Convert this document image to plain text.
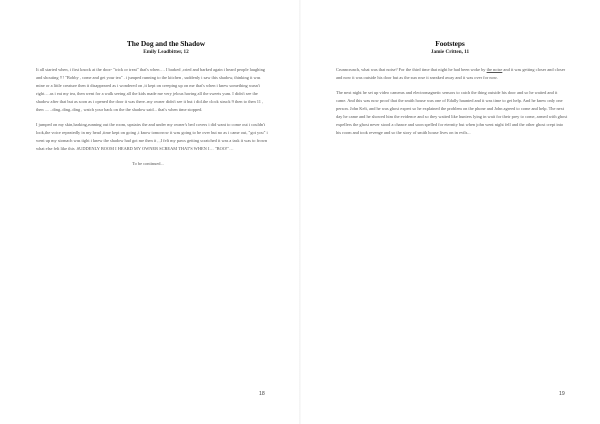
The Dog and the Shadow
Emily Leadbitter, 12

It all started when, i first knock at the door- "trick or treat" that's when…. I barked ,cried and barked again i heard people laughing and shouting !!! "Bobby , come and get your tea" . i jumped running to the kitchen , suddenly i saw this shadow, thinking it was mine or a little creature then it disappeared as i wondered on ,it kept on creeping up on me that's when i knew something wasn't right….as i eat my tea, then went for a walk seeing all the kids made me very jelous having all the sweets yum. I didn't see the shadow after that but as soon as i opened the door it was there..my owner didn't see it but i did.the clock struck 9 then to then 11 , then ...…ding..ding..ding , watch your back on the the shadow said... that's when time stopped.

I jumped on my skin,barking,running out the room, upstairs the and under my owner's bed covers i did want to come out i couldn't look,the voice repeatedly in my head ,time kept on going ,i know tomorrow it was going to be over but no as i came out, "got you" i went up my stomach was tight i knew the shadow had got me then it , ,I felt my paws getting scratched it was a task it was to frown what else felt like this .SUDDENLY BOOM I HEARD MY OWNER SCREAM THAT'S WHEN I… "BOO!"…

To be continued...

18
Footsteps
Jamie Critten, 11

Crunncrunch, what was that noise? For the third time that night he had been woke by the noise and it was getting closer and closer and now it was outside his door but as the sun rose it sneaked away and it was over for now.

The next night he set up video cameras and electromagnetic sensors to catch the thing outside his door and so he waited and it came. And this was now proof that the smith house was one of Edally haunted and it was time to get help. And he knew only one person. John Kelt, and he was ghost expert so he explained the problem on the phone and John agreed to come and help. The next day he came and he showed him the evidence and so they waited like hunters lying in wait for their prey to come, armed with ghost expellers the ghost never stood a chance and soon spelled for eternity but when john went night fell and the other ghost crept into his room and took revenge and so the story of smith house lives on in evils...

19
